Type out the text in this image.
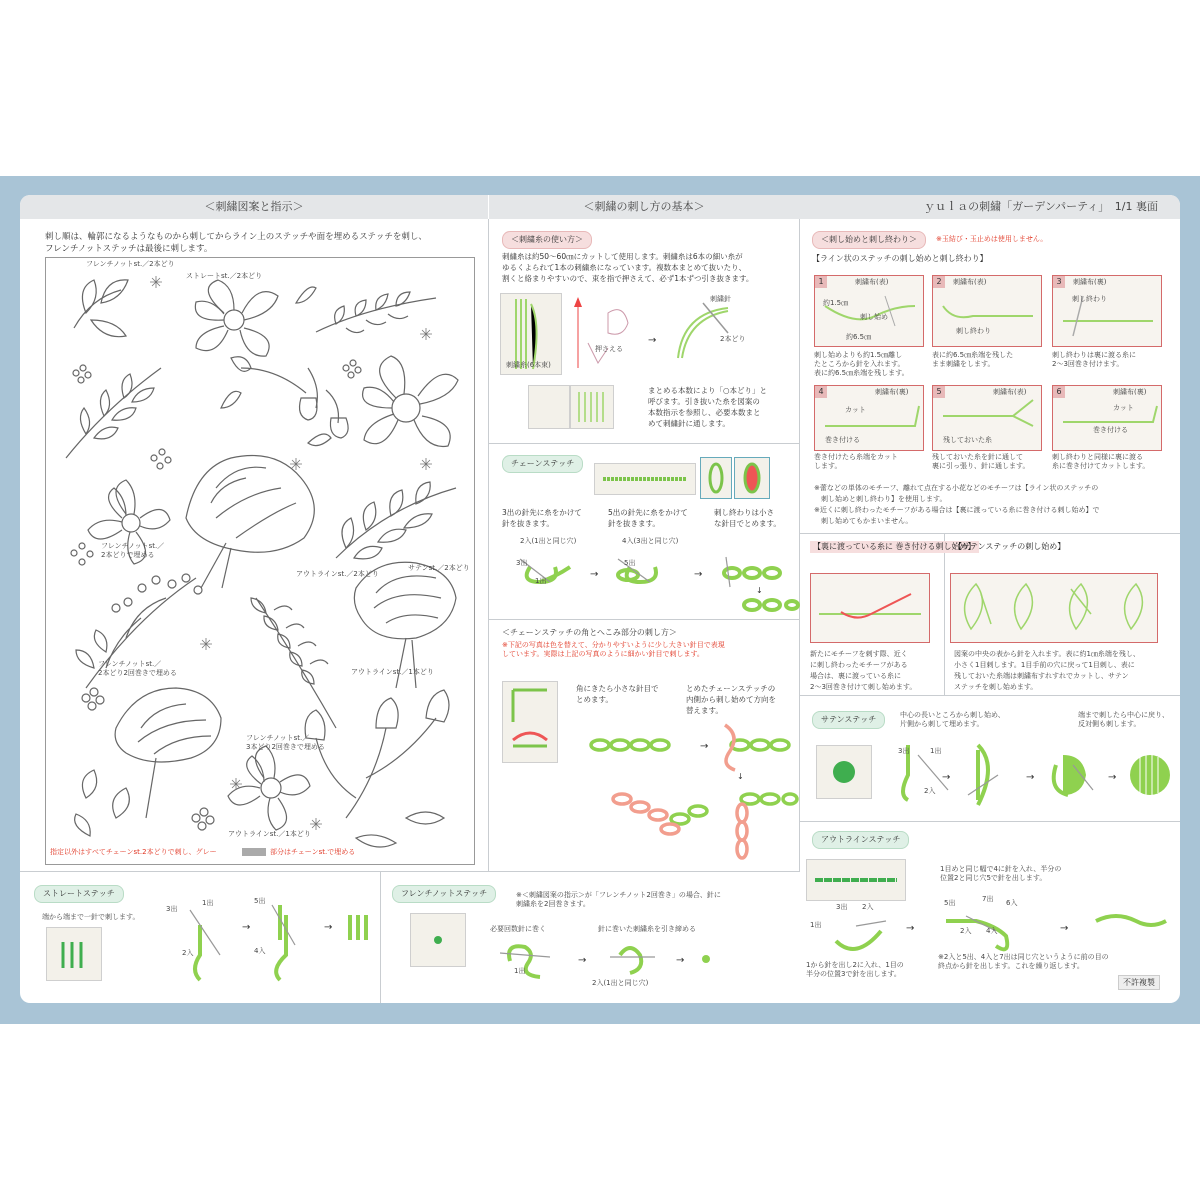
＜刺繍図案と指示＞	＜刺繍の刺し方の基本＞	ｙｕｌａの刺繍「ガーデンパーティ」　1/1 裏面
刺し順は、輪郭になるようなものから刺してからライン上のステッチや面を埋めるステッチを刺し、
フレンチノットステッチは最後に刺します。
フレンチノットst.／2本どり
ストレートst.／2本どり
フレンチノットst.／
2本どりで埋める
アウトラインst.／2本どり
サテンst.／2本どり
フレンチノットst.／
2本どり2回巻きで埋める	アウトラインst.／1本どり
フレンチノットst.／
3本どり2回巻きで埋める
アウトラインst.／1本どり
指定以外はすべてチェーンst.2本どりで刺し、グレー	部分はチェーンst.で埋める
＜刺繍糸の使い方＞
刺繍糸は約50〜60㎝にカットして使用します。刺繍糸は6本の細い糸が
ゆるくよられて1本の刺繍糸になっています。複数本まとめて抜いたり、
割くと絡まりやすいので、束を指で押さえて、必ず1本ずつ引き抜きます。
刺繍糸(6本束)
押さえる
→
刺繍針
2本どり
まとめる本数により「○本どり」と
呼びます。引き抜いた糸を図案の
本数指示を参照し、必要本数まと
めて刺繍針に通します。
チェーンステッチ
3出の針先に糸をかけて
針を抜きます。
5出の針先に糸をかけて
針を抜きます。
刺し終わりは小さ
な針目でとめます。
2入(1出と同じ穴)	4入(3出と同じ穴)
→	→
↓
3出
1出
5出
＜チェーンステッチの角とへこみ部分の刺し方＞
※下記の写真は色を替えて、分かりやすいように少し大きい針目で表現
しています。実際は上記の写真のように細かい針目で刺します。
角にきたら小さな針目で
とめます。
とめたチェーンステッチの
内側から刺し始めて方向を
替えます。
→
↓
＜刺し始めと刺し終わり＞	※玉結び・玉止めは使用しません。
【ライン状のステッチの刺し始めと刺し終わり】
1	刺繍布(表)	2	刺繍布(表)	3	刺繍布(裏)
約1.5㎝
刺し始め
約6.5㎝
刺し終わり
刺し終わり
刺し始めよりも約1.5㎝離し
たところから針を入れます。
表に約6.5㎝糸端を残します。
表に約6.5㎝糸端を残した
まま刺繍をします。
刺し終わりは裏に渡る糸に
2〜3回巻き付けます。
4	刺繍布(裏)
カット
巻き付ける
5	刺繍布(表)
残しておいた糸
6	刺繍布(裏)
カット
巻き付ける
巻き付けたら糸端をカット
します。
残しておいた糸を針に通して
裏に引っ張り、針に通します。
刺し終わりと同様に裏に渡る
糸に巻き付けてカットします。
※蕾などの単体のモチーフ、離れて点在する小花などのモチーフは【ライン状のステッチの
　刺し始めと刺し終わり】を使用します。
※近くに刺し終わったモチーフがある場合は【裏に渡っている糸に巻き付ける刺し始め】で
　刺し始めてもかまいません。
【裏に渡っている糸に 巻き付ける刺し始め】
新たにモチーフを刺す際、近く
に刺し終わったモチーフがある
場合は、裏に渡っている糸に
2〜3回巻き付けて刺し始めます。
【サテンステッチの刺し始め】
図案の中央の表から針を入れます。表に約1㎝糸端を残し、
小さく1目刺します。1目手前の穴に戻って1目刺し、表に
残しておいた糸端は刺繍布すれすれでカットし、サテン
ステッチを刺し始めます。
サテンステッチ	中心の長いところから刺し始め、
片側から刺して埋めます。
端まで刺したら中心に戻り、
反対側も刺します。
→	→	→
3出	1出
2入
アウトラインステッチ
1目めと同じ幅で4に針を入れ、半分の
位置2と同じ穴5で針を出します。
→	→
3出 2入
1出
5出	7出 6入
2入 4入
1から針を出し2に入れ、1目の
半分の位置3で針を出します。
※2入と5出、4入と7出は同じ穴というように前の目の
終点から針を出します。これを繰り返します。
不許複製
ストレートステッチ
端から端まで一針で刺します。
→	→
3出
1出
2入
5出
4入
フレンチノットステッチ	※＜刺繍図案の指示＞が「フレンチノット2回巻き」の場合、針に
刺繍糸を2回巻きます。
必要回数針に巻く	針に巻いた刺繍糸を引き締める
→	→
1出
2入(1出と同じ穴)
